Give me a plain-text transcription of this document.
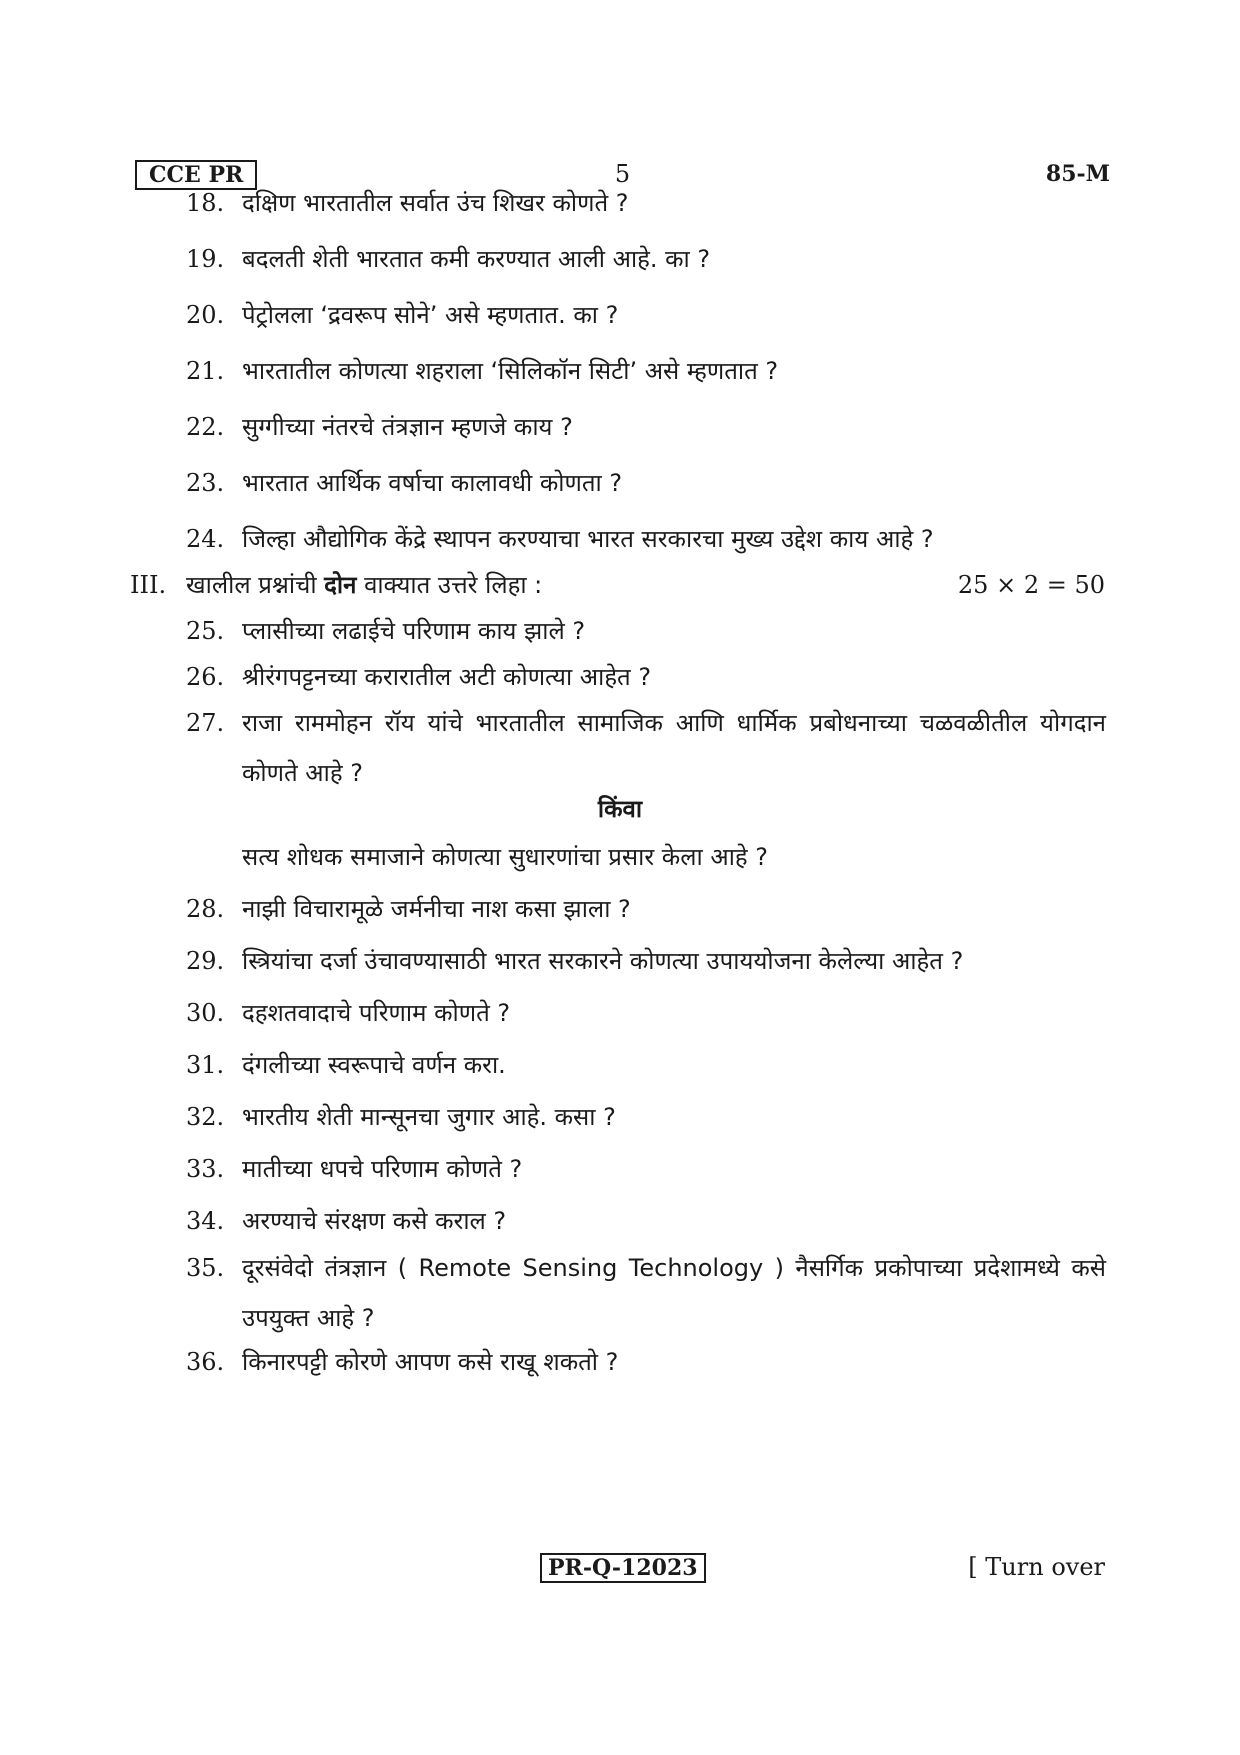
CCE PR	5	85-M
18. दक्षिण भारतातील सर्वात उंच शिखर कोणते ?
19. बदलती शेती भारतात कमी करण्यात आली आहे. का ?
20. पेट्रोलला ‘द्रवरूप सोने’ असे म्हणतात. का ?
21. भारतातील कोणत्या शहराला ‘सिलिकॉन सिटी’ असे म्हणतात ?
22. सुग्गीच्या नंतरचे तंत्रज्ञान म्हणजे काय ?
23. भारतात आर्थिक वर्षाचा कालावधी कोणता ?
24. जिल्हा औद्योगिक केंद्रे स्थापन करण्याचा भारत सरकारचा मुख्य उद्देश काय आहे ?
III. खालील प्रश्नांची दोन वाक्यात उत्तरे लिहा :	25 × 2 = 50
25. प्लासीच्या लढाईचे परिणाम काय झाले ?
26. श्रीरंगपट्टनच्या करारातील अटी कोणत्या आहेत ?
27. राजा राममोहन रॉय यांचे भारतातील सामाजिक आणि धार्मिक प्रबोधनाच्या चळवळीतील योगदान कोणते आहे ?
किंवा
सत्य शोधक समाजाने कोणत्या सुधारणांचा प्रसार केला आहे ?
28. नाझी विचारामूळे जर्मनीचा नाश कसा झाला ?
29. स्त्रियांचा दर्जा उंचावण्यासाठी भारत सरकारने कोणत्या उपाययोजना केलेल्या आहेत ?
30. दहशतवादाचे परिणाम कोणते ?
31. दंगलीच्या स्वरूपाचे वर्णन करा.
32. भारतीय शेती मान्सूनचा जुगार आहे. कसा ?
33. मातीच्या धपचे परिणाम कोणते ?
34. अरण्याचे संरक्षण कसे कराल ?
35. दूरसंवेदो तंत्रज्ञान ( Remote Sensing Technology ) नैसर्गिक प्रकोपाच्या प्रदेशामध्ये कसे उपयुक्त आहे ?
36. किनारपट्टी कोरणे आपण कसे राखू शकतो ?
PR-Q-12023	[ Turn over
